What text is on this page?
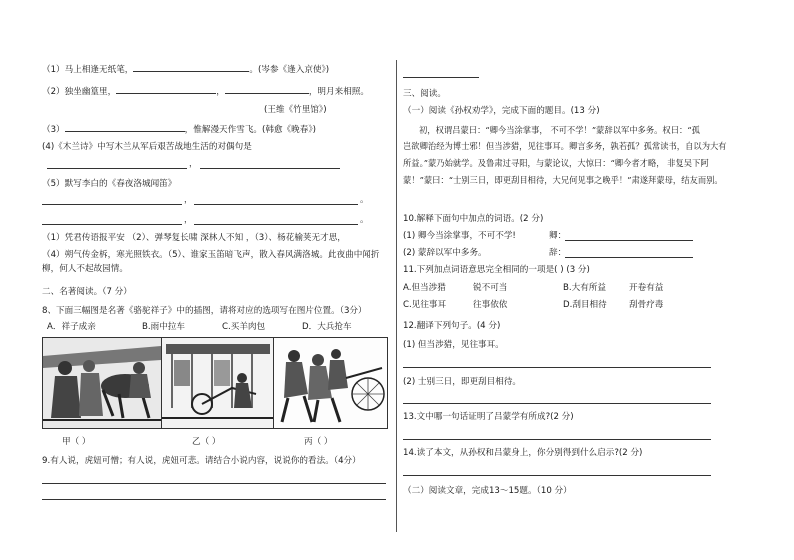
（1）马上相逢无纸笔，	。(岑参《逢入京使》)
（2）独坐幽篁里，	，	，明月来相照。
(王维《竹里馆》)
（3）	，惟解漫天作雪飞。(韩愈《晚春》)
(4)《木兰诗》中写木兰从军后艰苦战地生活的对偶句是
，
（5）默写李白的《春夜洛城闻笛》
，	。
，	。
（1）凭君传语报平安 （2）、弹琴复长啸 深林人不知 ，（3）、杨花榆荚无才思，
（4）朔气传金柝，寒光照铁衣。（5）、谁家玉笛暗飞声，散入春风满洛城。此夜曲中闻折柳，何人不起故园情。
二、名著阅读。（7 分）
8、下面三幅图是名著《骆驼祥子》中的插图，请将对应的选项写在图片位置。（3分）
A．祥子成亲	B.雨中拉车	C.买羊肉包	D．大兵抢车
甲（ ）	乙（ ）	丙（ ）
9.有人说，虎妞可憎；有人说，虎妞可悲。请结合小说内容，说说你的看法。（4分）
三、阅读。
（一）阅读《孙权劝学》，完成下面的题目。(13 分)
初，权谓吕蒙曰：“卿今当涂掌事， 不可不学！”蒙辞以军中多务。权曰：“孤
岂欲卿治经为博士邪！但当涉猎，见往事耳。卿言多务，孰若孤？孤常读书，自以为大有
所益。”蒙乃始就学。及鲁肃过寻阳，与蒙论议，大惊曰：“卿今者才略， 非复吴下阿
蒙！”蒙曰：“士别三日，即更刮目相待，大兄何见事之晚乎！”肃遂拜蒙母，结友而别。
10.解释下面句中加点的词语。(2 分)
(1) 卿今当涂掌事，不可不学!	卿：
(2) 蒙辞以军中多务。	辞：
11.下列加点词语意思完全相同的一项是( ) (3 分)
A.但当涉猎	锐不可当	B.大有所益	开卷有益
C.见往事耳	往事依依	D.刮目相待	刮骨疗毒
12.翻译下列句子。(4 分)
(1) 但当涉猎，见往事耳。
(2) 士别三日，即更刮目相待。
13.文中哪一句话证明了吕蒙学有所成?(2 分)
14.读了本文，从孙权和吕蒙身上，你分别得到什么启示?(2 分)
（二）阅读文章，完成13～15题。（10 分）
